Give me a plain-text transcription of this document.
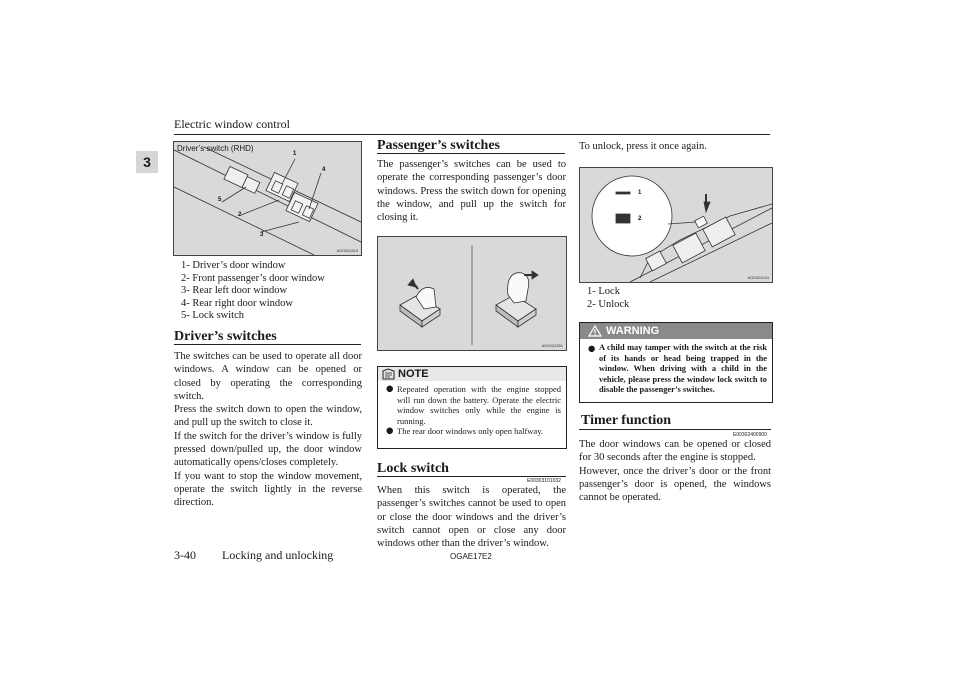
Electric window control
3
Driver’s switch (RHD)
1
4
5
2
3
AG0024315
1- Driver’s door window
2- Front passenger’s door window
3- Rear left door window
4- Rear right door window
5- Lock switch
Driver’s switches

The switches can be used to operate all door windows. A window can be opened or closed by operating the corresponding switch.

Press the switch down to open the window, and pull up the switch to close it.

If the switch for the driver’s window is fully pressed down/pulled up, the door window automatically opens/closes completely.

If you want to stop the window movement, operate the switch lightly in the reverse direction.

Passenger’s switches

The passenger’s switches can be used to operate the corresponding passenger’s door windows. Press the switch down for opening the window, and pull up the switch for closing it.

AG0024251
NOTE
● Repeated operation with the engine stopped will run down the battery. Operate the electric window switches only while the engine is running.
● The rear door windows only open halfway.
Lock switch
E00303101032

When this switch is operated, the passenger’s switches cannot be used to open or close the door windows and the driver’s switch cannot open or close any door windows other than the driver’s window.

To unlock, press it once again.
1
2
AG0024244
1- Lock
2- Unlock
WARNING
● A child may tamper with the switch at the risk of its hands or head being trapped in the window. When driving with a child in the vehicle, please press the window lock switch to disable the passenger’s switches.
Timer function
E00302400900

The door windows can be opened or closed for 30 seconds after the engine is stopped.

However, once the driver’s door or the front passenger’s door is opened, the windows cannot be operated.

3-40 Locking and unlocking	OGAE17E2
